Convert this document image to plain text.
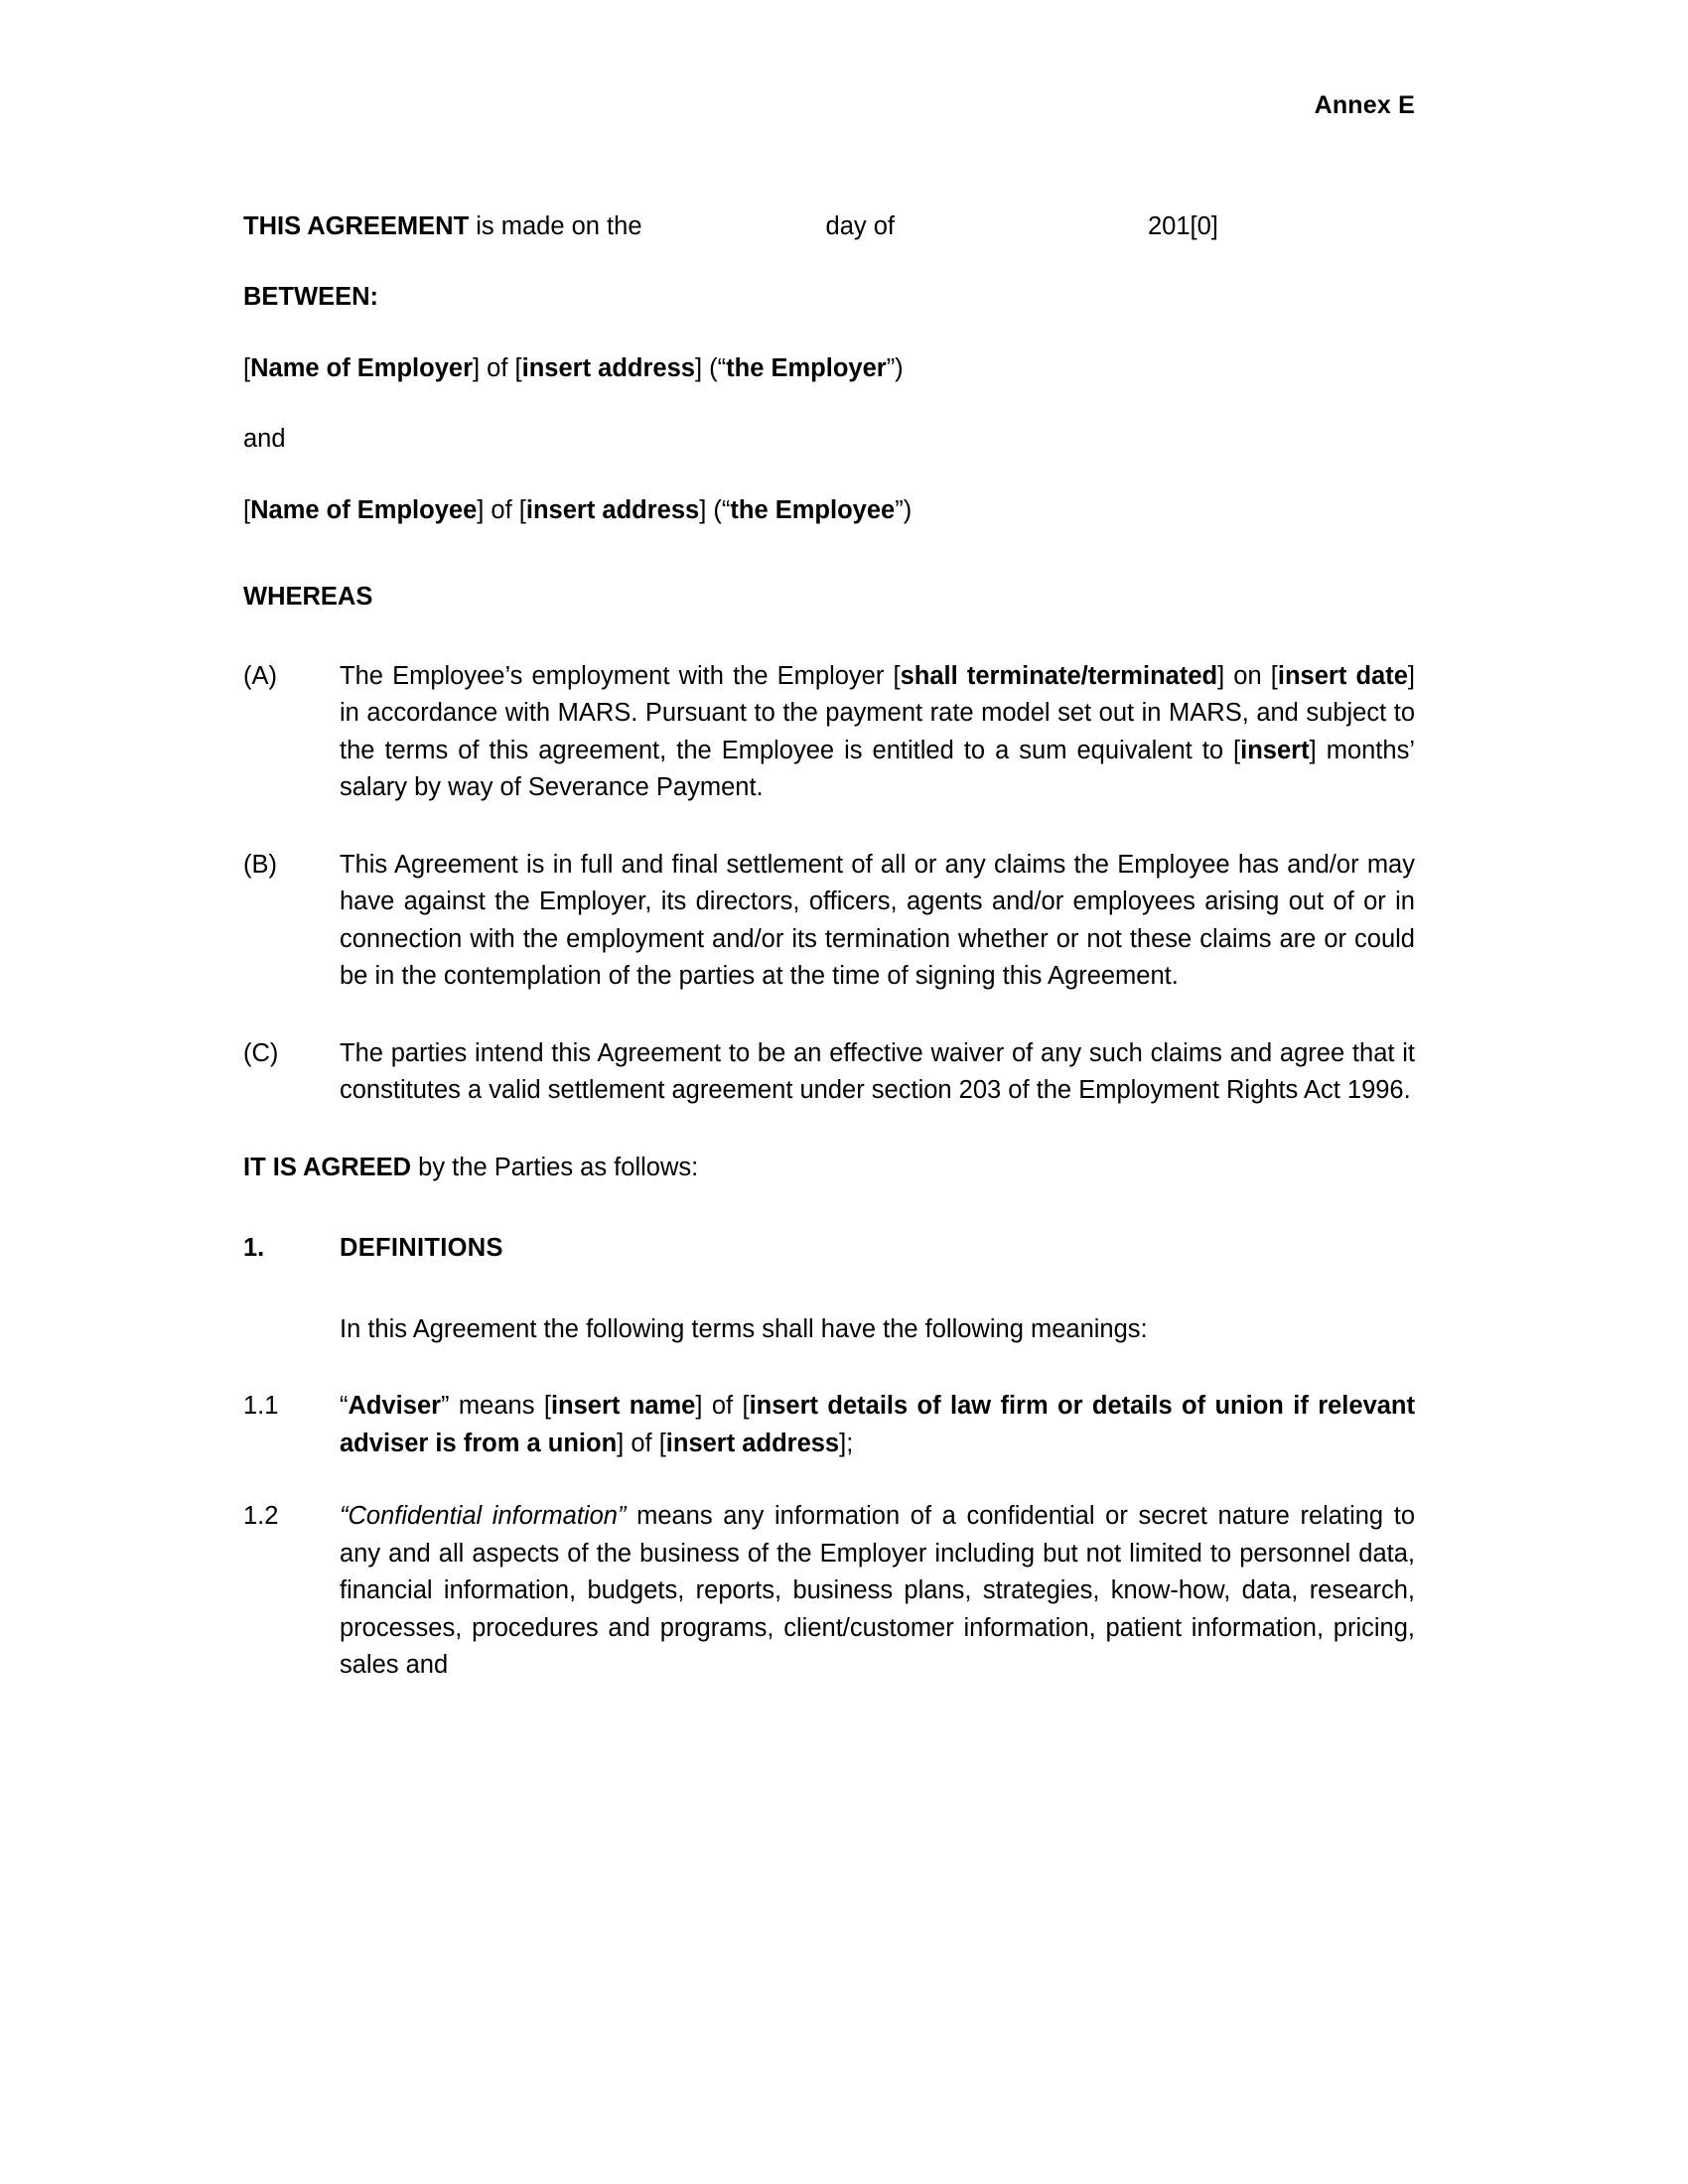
Annex E
THIS AGREEMENT is made on the	day of	201[0]
BETWEEN:
[Name of Employer] of [insert address] (“the Employer”)
and
[Name of Employee] of [insert address] (“the Employee”)
WHEREAS
(A)	The Employee’s employment with the Employer [shall terminate/terminated] on [insert date] in accordance with MARS. Pursuant to the payment rate model set out in MARS, and subject to the terms of this agreement, the Employee is entitled to a sum equivalent to [insert] months’ salary by way of Severance Payment.
(B)	This Agreement is in full and final settlement of all or any claims the Employee has and/or may have against the Employer, its directors, officers, agents and/or employees arising out of or in connection with the employment and/or its termination whether or not these claims are or could be in the contemplation of the parties at the time of signing this Agreement.
(C)	The parties intend this Agreement to be an effective waiver of any such claims and agree that it constitutes a valid settlement agreement under section 203 of the Employment Rights Act 1996.
IT IS AGREED by the Parties as follows:
1.	DEFINITIONS
In this Agreement the following terms shall have the following meanings:
1.1	“Adviser” means [insert name] of [insert details of law firm or details of union if relevant adviser is from a union] of [insert address];
1.2	“Confidential information” means any information of a confidential or secret nature relating to any and all aspects of the business of the Employer including but not limited to personnel data, financial information, budgets, reports, business plans, strategies, know-how, data, research, processes, procedures and programs, client/customer information, patient information, pricing, sales and
